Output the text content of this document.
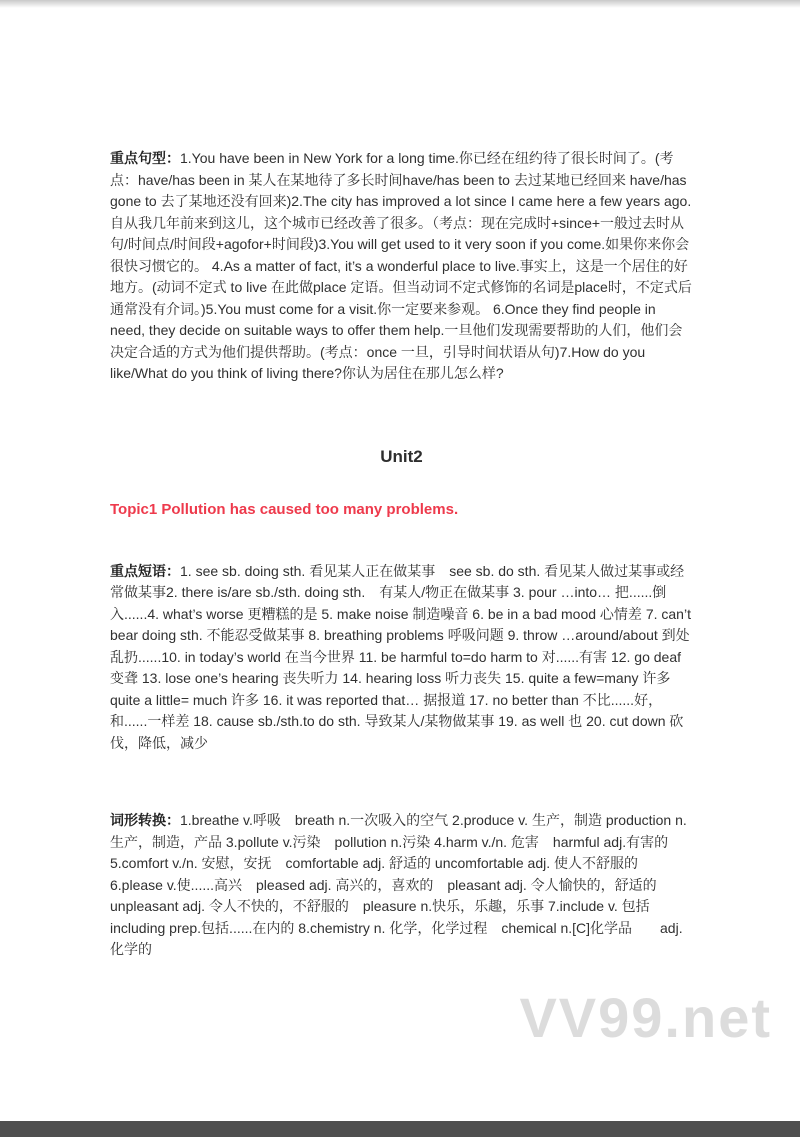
VV99.net

重点句型：1.You have been in New York for a long time.你已经在纽约待了很长时间了。(考点：have/has been in 某人在某地待了多长时间have/has been to 去过某地已经回来 have/has gone to 去了某地还没有回来)2.The city has improved a lot since I came here a few years ago.自从我几年前来到这儿，这个城市已经改善了很多。（考点：现在完成时+since+一般过去时从句/时间点/时间段+agofor+时间段)3.You will get used to it very soon if you come.如果你来你会很快习惯它的。 4.As a matter of fact, it’s a wonderful place to live.事实上，这是一个居住的好地方。(动词不定式 to live 在此做place 定语。但当动词不定式修饰的名词是place时，不定式后通常没有介词。)5.You must come for a visit.你一定要来参观。 6.Once they find people in need, they decide on suitable ways to offer them help.一旦他们发现需要帮助的人们，他们会决定合适的方式为他们提供帮助。(考点：once 一旦，引导时间状语从句)7.How do you like/What do you think of living there?你认为居住在那儿怎么样?

Unit2
Topic1 Pollution has caused too many problems.

重点短语：1. see sb. doing sth. 看见某人正在做某事　see sb. do sth. 看见某人做过某事或经常做某事2. there is/are sb./sth. doing sth.　有某人/物正在做某事 3. pour …into… 把......倒入......4. what’s worse 更糟糕的是 5. make noise 制造噪音 6. be in a bad mood 心情差 7. can’t bear doing sth. 不能忍受做某事 8. breathing problems 呼吸问题 9. throw …around/about 到处乱扔......10. in today’s world 在当今世界 11. be harmful to=do harm to 对......有害 12. go deaf 变聋 13. lose one’s hearing 丧失听力 14. hearing loss 听力丧失 15. quite a few=many 许多　quite a little= much 许多 16. it was reported that… 据报道 17. no better than 不比......好，和......一样差 18. cause sb./sth.to do sth. 导致某人/某物做某事 19. as well 也 20. cut down 砍伐，降低，减少

词形转换：1.breathe v.呼吸　breath n.一次吸入的空气 2.produce v. 生产，制造 production n.生产，制造，产品 3.pollute v.污染　pollution n.污染 4.harm v./n. 危害　harmful adj.有害的 5.comfort v./n. 安慰，安抚　comfortable adj. 舒适的 uncomfortable adj. 使人不舒服的 6.please v.使......高兴　pleased adj. 高兴的，喜欢的　pleasant adj. 令人愉快的，舒适的　unpleasant adj. 令人不快的，不舒服的　pleasure n.快乐，乐趣，乐事 7.include v. 包括　including prep.包括......在内的 8.chemistry n. 化学，化学过程　chemical n.[C]化学品　　adj. 化学的
